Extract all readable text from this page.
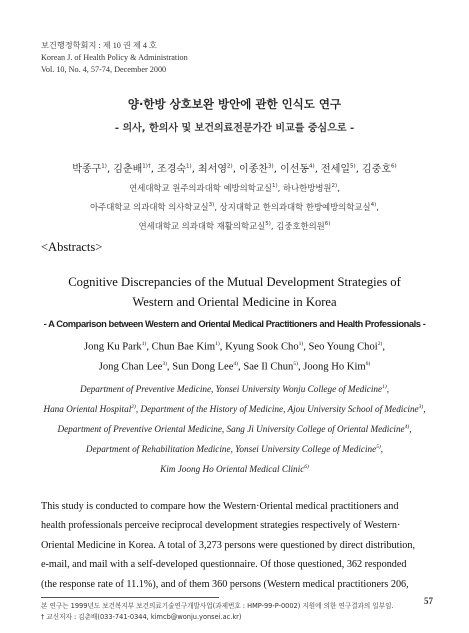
보건행정학회지 : 제 10 권 제 4 호
Korean J. of Health Policy & Administration
Vol. 10, No. 4, 57-74, December 2000
양·한방 상호보완 방안에 관한 인식도 연구
- 의사, 한의사 및 보건의료전문가간 비교를 중심으로 -
박종구$^{1)}$, 김춘배$^{1)\dagger}$, 조경숙$^{1)}$, 최서영$^{2)}$, 이종찬$^{3)}$, 이선동$^{4)}$, 전세일$^{5)}$, 김중호$^{6)}$
연세대학교 원주의과대학 예방의학교실$^{1)}$, 하나한방병원$^{2)}$,
아주대학교 의과대학 의사학교실$^{3)}$, 상지대학교 한의과대학 한방예방의학교실$^{4)}$,
연세대학교 의과대학 재활의학교실$^{5)}$, 김중호한의원$^{6)}$
<Abstracts>
Cognitive Discrepancies of the Mutual Development Strategies of
Western and Oriental Medicine in Korea
- A Comparison between Western and Oriental Medical Practitioners and Health Professionals -
Jong Ku Park$^{1)}$, Chun Bae Kim$^{1)}$, Kyung Sook Cho$^{1)}$, Seo Young Choi$^{2)}$,
Jong Chan Lee$^{3)}$, Sun Dong Lee$^{4)}$, Sae Il Chun$^{5)}$, Joong Ho Kim$^{6)}$
Department of Preventive Medicine, Yonsei University Wonju College of Medicine$^{1)}$,
Hana Oriental Hospital$^{2)}$, Department of the History of Medicine, Ajou University School of Medicine$^{3)}$,
Department of Preventive Oriental Medicine, Sang Ji University College of Oriental Medicine$^{4)}$,
Department of Rehabilitation Medicine, Yonsei University College of Medicine$^{5)}$,
Kim Joong Ho Oriental Medical Clinic$^{6)}$
This study is conducted to compare how the Western·Oriental medical practitioners and
health professionals perceive reciprocal development strategies respectively of Western·
Oriental Medicine in Korea. A total of 3,273 persons were questioned by direct distribution,
e-mail, and mail with a self-developed questionnaire. Of those questioned, 362 responded
(the response rate of 11.1%), and of them 360 persons (Western medical practitioners 206,
본 연구는 1999년도 보건복지부 보건의료기술연구개발사업(과제번호 : HMP-99-P-0002) 지원에 의한 연구결과의 일부임.
† 교신저자 : 김춘배(033-741-0344, kimcb@wonju.yonsei.ac.kr)
57
